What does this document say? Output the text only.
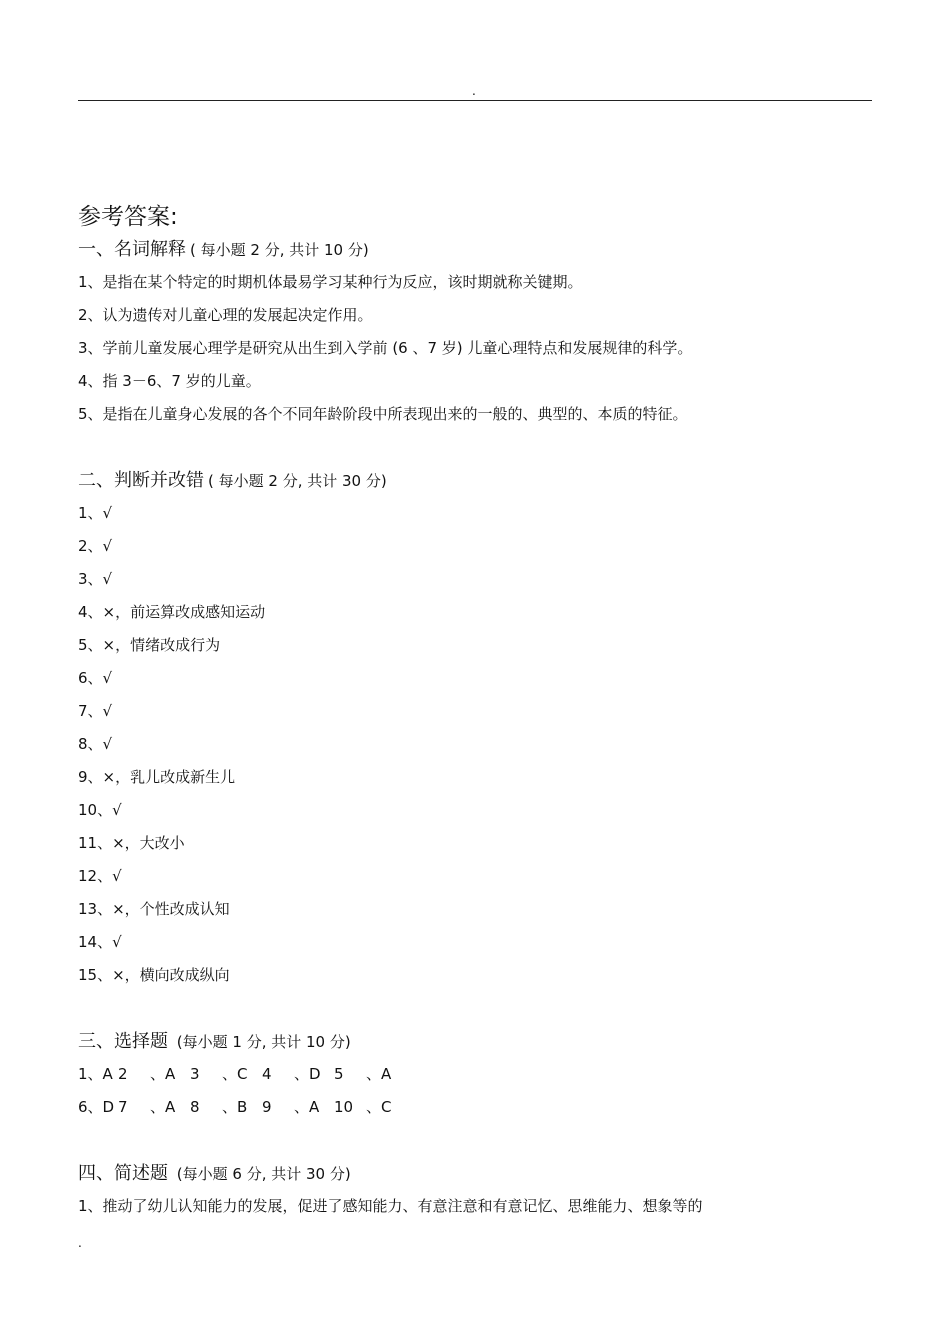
.
参考答案:
一、名词解释 ( 每小题 2 分, 共计 10 分)
1、是指在某个特定的时期机体最易学习某种行为反应，该时期就称关键期。
2、认为遗传对儿童心理的发展起决定作用。
3、学前儿童发展心理学是研究从出生到入学前 (6 、7 岁) 儿童心理特点和发展规律的科学。
4、指 3－6、7 岁的儿童。
5、是指在儿童身心发展的各个不同年龄阶段中所表现出来的一般的、典型的、本质的特征。
二、判断并改错 ( 每小题 2 分, 共计 30 分)
1、√
2、√
3、√
4、×，前运算改成感知运动
5、×，情绪改成行为
6、√
7、√
8、√
9、×，乳儿改成新生儿
10、√
11、×，大改小
12、√
13、×，个性改成认知
14、√
15、×，横向改成纵向
三、选择题 (每小题 1 分, 共计 10 分)
1、A 2	、A 3	、C 4	、D 5	、A
6、D 7	、A 8	、B 9	、A 10 、C
四、简述题 (每小题 6 分, 共计 30 分)
1、推动了幼儿认知能力的发展，促进了感知能力、有意注意和有意记忆、思维能力、想象等的
.
